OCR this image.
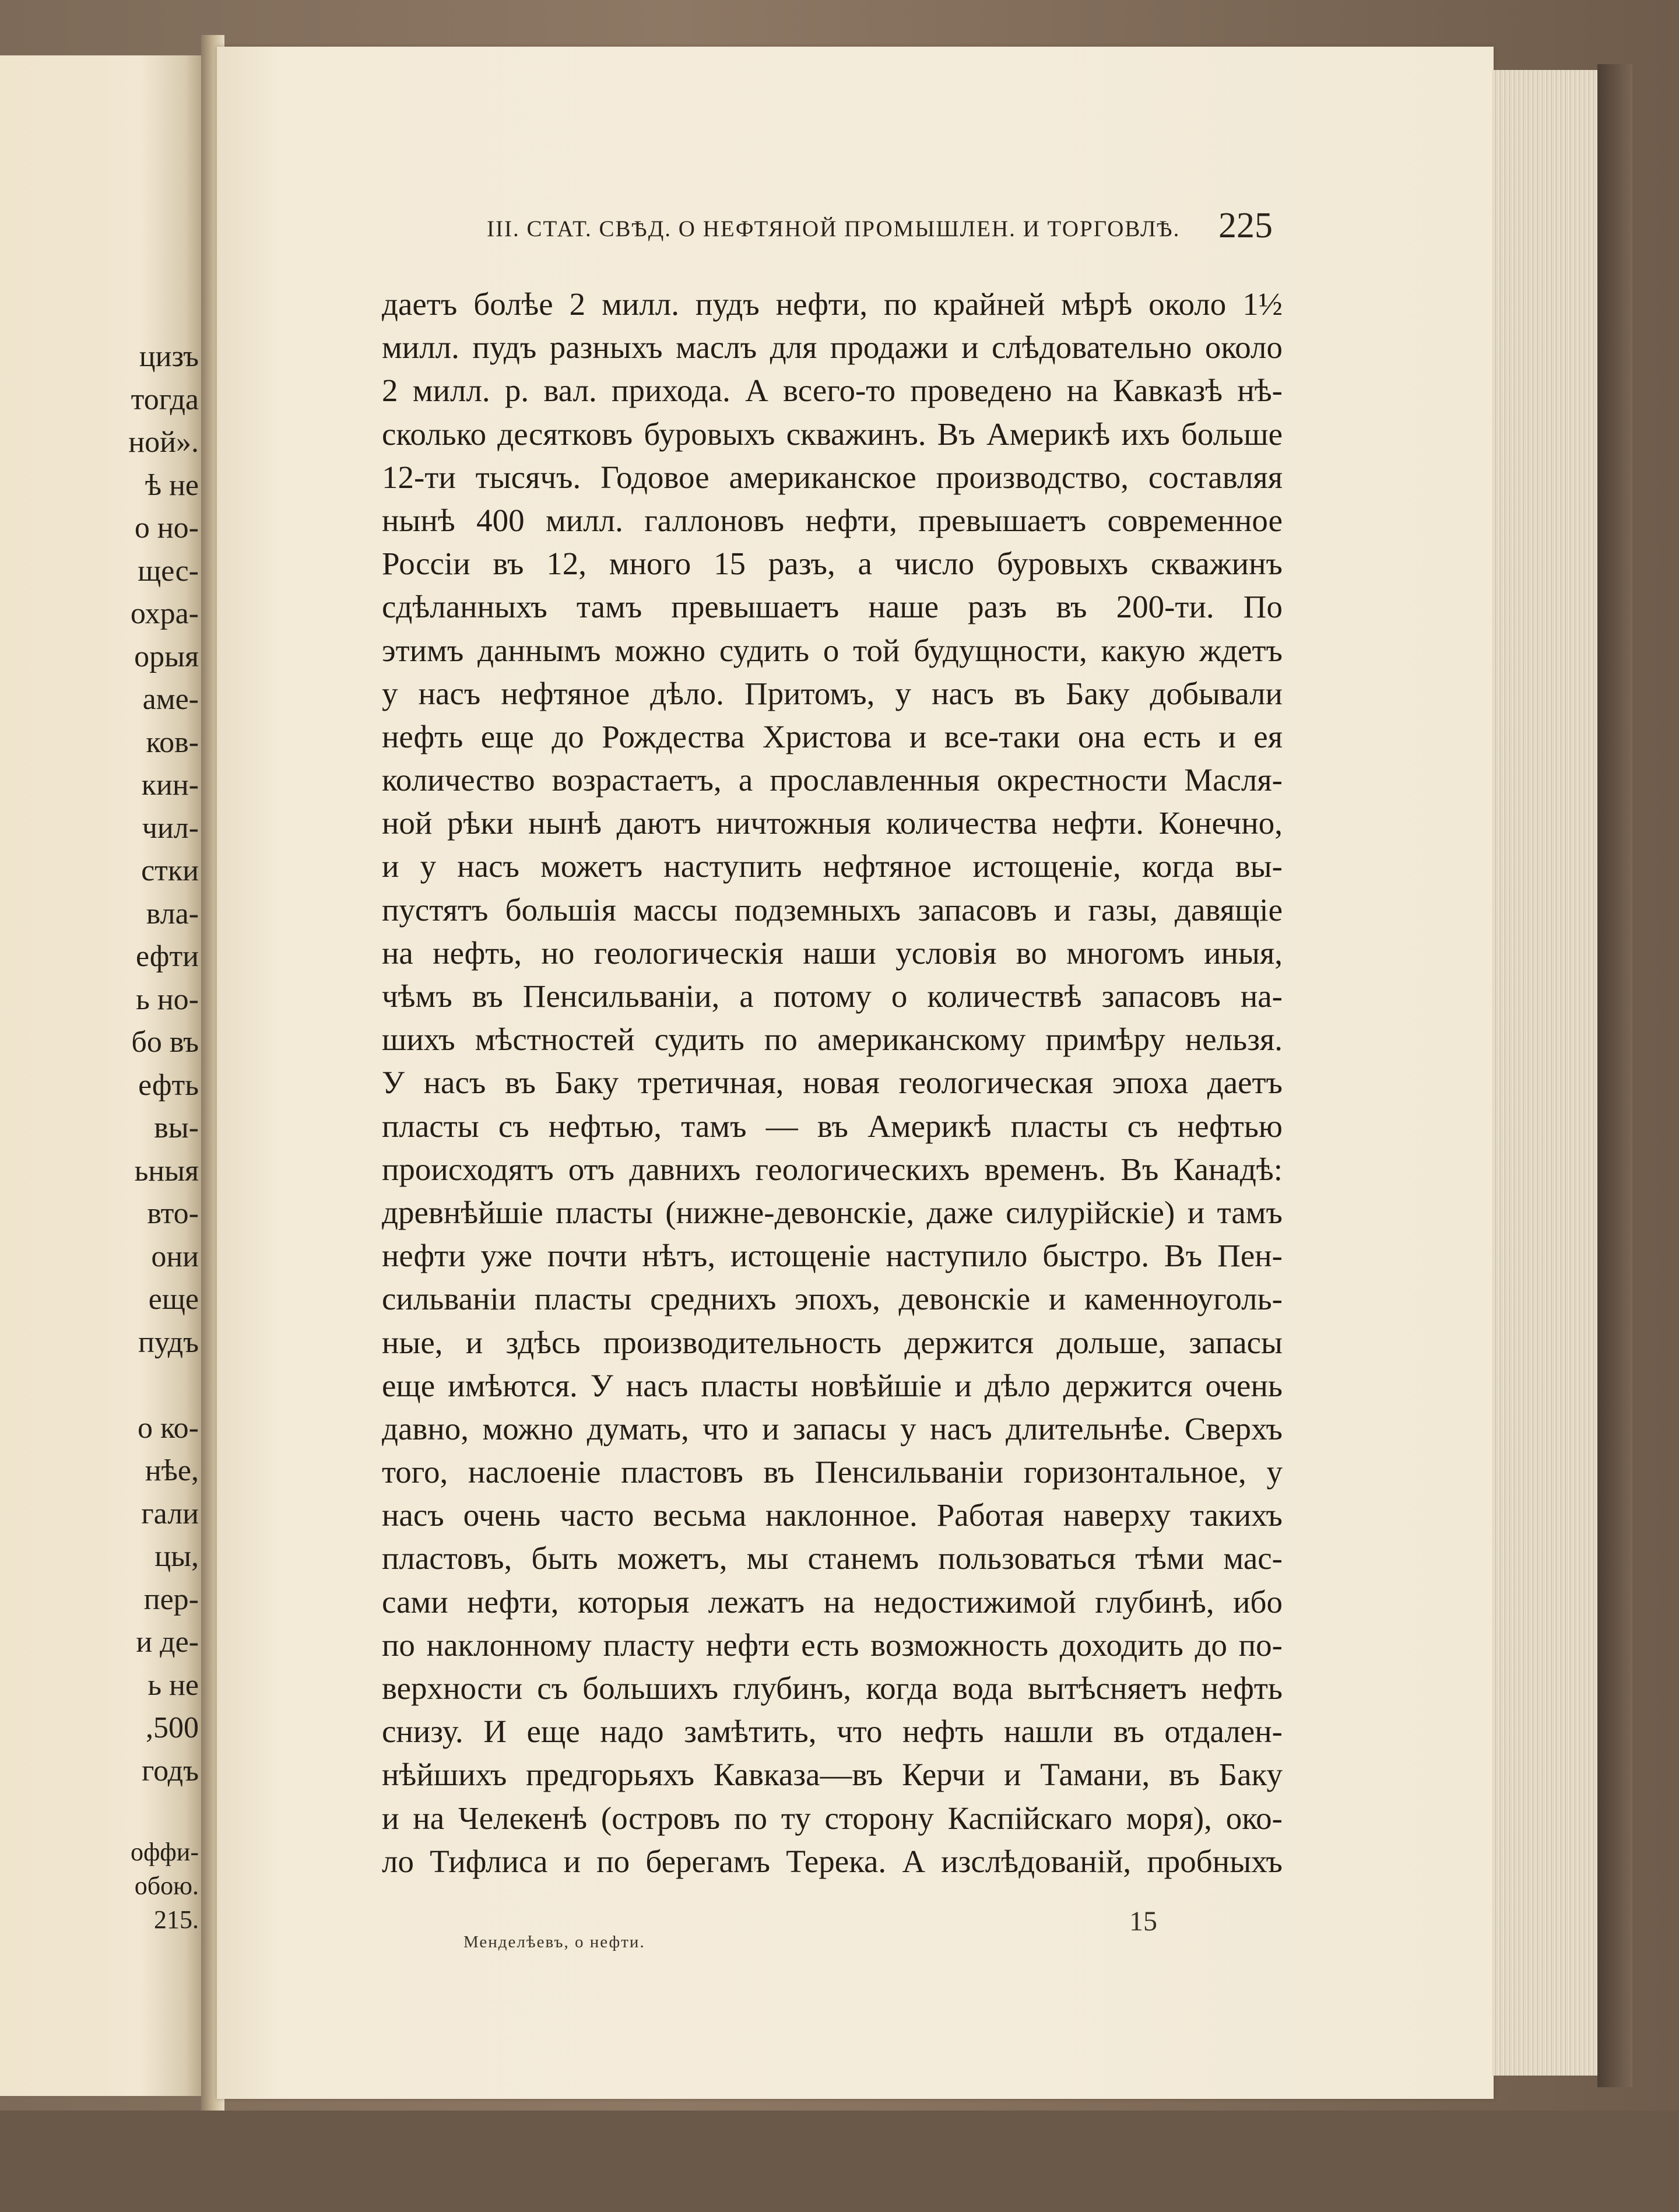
цизъ
тогда
ной».
ѣ не
о но-
щес-
охра-
орыя
аме-
ков-
кин-
чил-
стки
вла-
ефти
ь но-
бо въ
ефть
вы-
ьныя
вто-
они
еще
пудъ
о ко-
нѣе,
гали
цы,
пер-
и де-
ь не
,500
годъ
оффи-
обою.
215.
III. СТАТ. СВѢД. О НЕФТЯНОЙ ПРОМЫШЛЕН. И ТОРГОВЛѢ. 225
даетъ болѣе 2 милл. пудъ нефти, по крайней мѣрѣ около 1½
милл. пудъ разныхъ маслъ для продажи и слѣдовательно около
2 милл. р. вал. прихода. А всего-то проведено на Кавказѣ нѣ-
сколько десятковъ буровыхъ скважинъ. Въ Америкѣ ихъ больше
12-ти тысячъ. Годовое американское производство, составляя
нынѣ 400 милл. галлоновъ нефти, превышаетъ современное
Россiи въ 12, много 15 разъ, а число буровыхъ скважинъ
сдѣланныхъ тамъ превышаетъ наше разъ въ 200-ти. По
этимъ даннымъ можно судить о той будущности, какую ждетъ
у насъ нефтяное дѣло. Притомъ, у насъ въ Баку добывали
нефть еще до Рождества Христова и все-таки она есть и ея
количество возрастаетъ, а прославленныя окрестности Масля-
ной рѣки нынѣ даютъ ничтожныя количества нефти. Конечно,
и у насъ можетъ наступить нефтяное истощенiе, когда вы-
пустятъ большiя массы подземныхъ запасовъ и газы, давящiе
на нефть, но геологическiя наши условiя во многомъ иныя,
чѣмъ въ Пенсильванiи, а потому о количествѣ запасовъ на-
шихъ мѣстностей судить по американскому примѣру нельзя.
У насъ въ Баку третичная, новая геологическая эпоха даетъ
пласты съ нефтью, тамъ — въ Америкѣ пласты съ нефтью
происходятъ отъ давнихъ геологическихъ временъ. Въ Канадѣ:
древнѣйшiе пласты (нижне-девонскiе, даже силурiйскiе) и тамъ
нефти уже почти нѣтъ, истощенiе наступило быстро. Въ Пен-
сильванiи пласты среднихъ эпохъ, девонскiе и каменноуголь-
ные, и здѣсь производительность держится дольше, запасы
еще имѣются. У насъ пласты новѣйшiе и дѣло держится очень
давно, можно думать, что и запасы у насъ длительнѣе. Сверхъ
того, наслоенiе пластовъ въ Пенсильванiи горизонтальное, у
насъ очень часто весьма наклонное. Работая наверху такихъ
пластовъ, быть можетъ, мы станемъ пользоваться тѣми мас-
сами нефти, которыя лежатъ на недостижимой глубинѣ, ибо
по наклонному пласту нефти есть возможность доходить до по-
верхности съ большихъ глубинъ, когда вода вытѣсняетъ нефть
снизу. И еще надо замѣтить, что нефть нашли въ отдален-
нѣйшихъ предгорьяхъ Кавказа—въ Керчи и Тамани, въ Баку
и на Челекенѣ (островъ по ту сторону Каспiйскаго моря), око-
ло Тифлиса и по берегамъ Терека. А изслѣдованiй, пробныхъ
Менделѣевъ, о нефти.
15
